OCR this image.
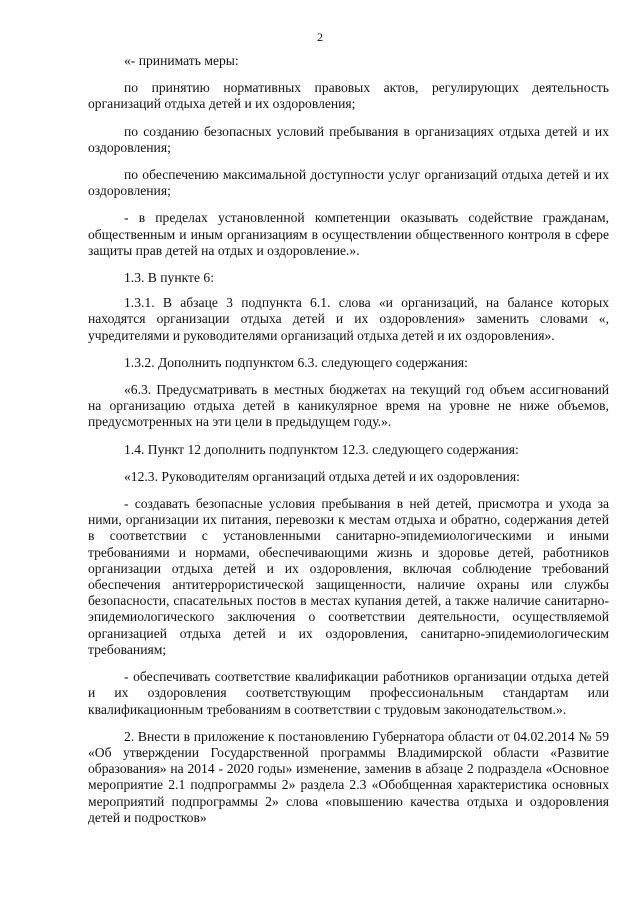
2

«- принимать меры:

по принятию нормативных правовых актов, регулирующих деятельность организаций отдыха детей и их оздоровления;

по созданию безопасных условий пребывания в организациях отдыха детей и их оздоровления;

по обеспечению максимальной доступности услуг организаций отдыха детей и их оздоровления;

- в пределах установленной компетенции оказывать содействие гражданам, общественным и иным организациям в осуществлении общественного контроля в сфере защиты прав детей на отдых и оздоровление.».

1.3. В пункте 6:

1.3.1. В абзаце 3 подпункта 6.1. слова «и организаций, на балансе которых находятся организации отдыха детей и их оздоровления» заменить словами «, учредителями и руководителями организаций отдыха детей и их оздоровления».

1.3.2. Дополнить подпунктом 6.3. следующего содержания:

«6.3. Предусматривать в местных бюджетах на текущий год объем ассигнований на организацию отдыха детей в каникулярное время на уровне не ниже объемов, предусмотренных на эти цели в предыдущем году.».

1.4. Пункт 12 дополнить подпунктом 12.3. следующего содержания:

«12.3. Руководителям организаций отдыха детей и их оздоровления:

- создавать безопасные условия пребывания в ней детей, присмотра и ухода за ними, организации их питания, перевозки к местам отдыха и обратно, содержания детей в соответствии с установленными санитарно-эпидемиологическими и иными требованиями и нормами, обеспечивающими жизнь и здоровье детей, работников организации отдыха детей и их оздоровления, включая соблюдение требований обеспечения антитеррористической защищенности, наличие охраны или службы безопасности, спасательных постов в местах купания детей, а также наличие санитарно-эпидемиологического заключения о соответствии деятельности, осуществляемой организацией отдыха детей и их оздоровления, санитарно-эпидемиологическим требованиям;

- обеспечивать соответствие квалификации работников организации отдыха детей и их оздоровления соответствующим профессиональным стандартам или квалификационным требованиям в соответствии с трудовым законодательством.».

2. Внести в приложение к постановлению Губернатора области от 04.02.2014 № 59 «Об утверждении Государственной программы Владимирской области «Развитие образования» на 2014 - 2020 годы» изменение, заменив в абзаце 2 подраздела «Основное мероприятие 2.1 подпрограммы 2» раздела 2.3 «Обобщенная характеристика основных мероприятий подпрограммы 2» слова «повышению качества отдыха и оздоровления детей и подростков»
